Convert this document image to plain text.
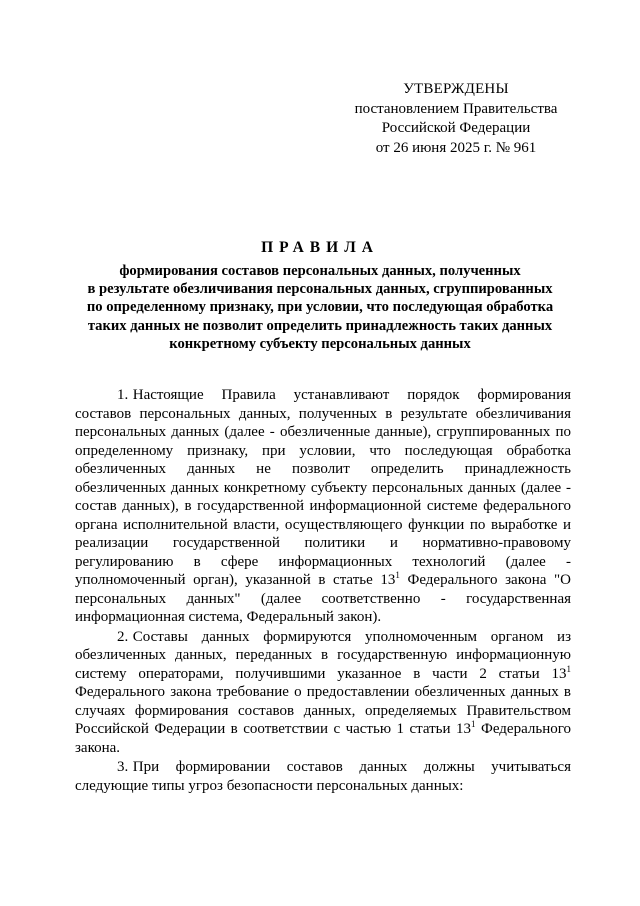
УТВЕРЖДЕНЫ
постановлением Правительства
Российской Федерации
от 26 июня 2025 г. № 961
ПРАВИЛА
формирования составов персональных данных, полученных
в результате обезличивания персональных данных, сгруппированных
по определенному признаку, при условии, что последующая обработка
таких данных не позволит определить принадлежность таких данных
конкретному субъекту персональных данных

1. Настоящие Правила устанавливают порядок формирования составов персональных данных, полученных в результате обезличивания персональных данных (далее - обезличенные данные), сгруппированных по определенному признаку, при условии, что последующая обработка обезличенных данных не позволит определить принадлежность обезличенных данных конкретному субъекту персональных данных (далее - состав данных), в государственной информационной системе федерального органа исполнительной власти, осуществляющего функции по выработке и реализации государственной политики и нормативно-правовому регулированию в сфере информационных технологий (далее - уполномоченный орган), указанной в статье $13^1$ Федерального закона "О персональных данных" (далее соответственно - государственная информационная система, Федеральный закон).

2. Составы данных формируются уполномоченным органом из обезличенных данных, переданных в государственную информационную систему операторами, получившими указанное в части 2 статьи $13^1$ Федерального закона требование о предоставлении обезличенных данных в случаях формирования составов данных, определяемых Правительством Российской Федерации в соответствии с частью 1 статьи $13^1$ Федерального закона.

3. При формировании составов данных должны учитываться следующие типы угроз безопасности персональных данных:
